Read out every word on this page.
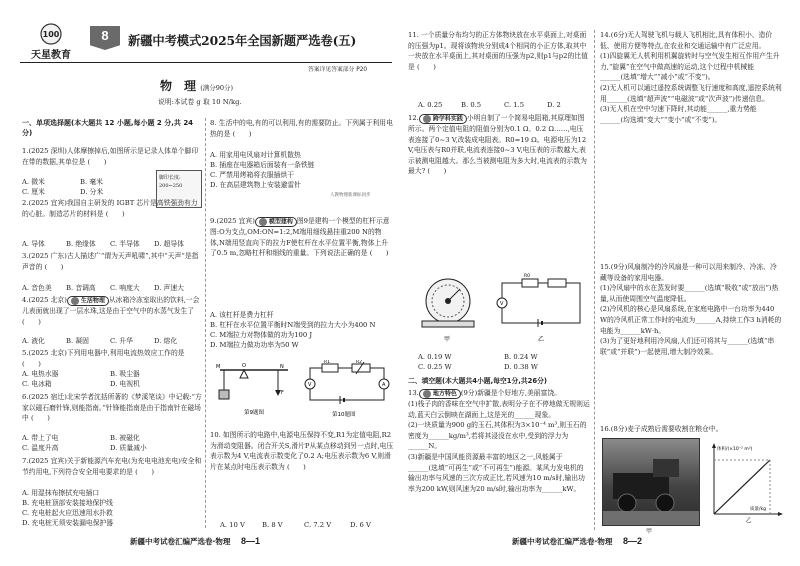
100
天星教育
8	新疆中考模式2025年全国新题严选卷(五)
答案详见答案部分 P20
物　理 (满分90分)
说明:本试卷 g 取 10 N/kg.
一、单项选择题(本大题共 12 小题,每小题 2 分,共 24 分)

1.(2025 深圳)人体摩擦掉后,如图所示是记录人体单个脚印在带的数据,其单位是 (　　)

脚印长度:
200~250
A. 微米	B. 毫米
C. 厘米	D. 分米

2.(2025 宜宾)我国自主研发的 IGBT 芯片是高铁强劲有力的心脏。制造芯片的材料是 (　　)

A. 导体	B. 绝缘体 C. 半导体 D. 超导体

3.(2025 广东)古人描述广“谓为天声吼啸”,其中“天声”是指声音的 (　　)

A. 音色美 B. 音调高 C. 响度大 D. 声速大

4.(2025 北京) 生活物理 从冰箱冷冻室取出的饮料,一会儿表面就出现了一层水珠,这是由于空气中的水蒸气发生了 (　　)

A. 液化	B. 凝固	C. 升华	D. 熔化

5.(2025 北京)下列用电器中,利用电流热效应工作的是 (　　)

A. 电热水器	B. 吸尘器
C. 电冰箱	D. 电视机

6.(2025 宿迁)北宋学者沈括所著的《梦溪笔谈》中记载:“方家以磁石磨针锋,则能指南。”针锋能指南是由于指南针在磁场中 (　　)

A. 带上了电	B. 被磁化
C. 温度升高	D. 质量减小

7.(2025 宜宾)关于新能源汽车充电(为充电电池充电)安全和节约用电,下列符合安全用电要求的是 (　　)

A. 用湿抹布擦拭充电插口
B. 充电桩顶部安装接地保护线
C. 充电桩起火应迅速用水扑救
D. 充电桩无须安装漏电保护器

8. 生活中的电,有的可以利用,有的需要防止。下列属于利用电热的是 (　　)

A. 用家用电风扇对计算机散热
B. 插座在电器箱后面装有一条铁链
C. 严禁用烤箱将衣服插烘干
D. 在高层建筑物上安装避雷针
人教物理新课标同步

9.(2025 宜宾) 模型建构 图9是建构一个模型的杠杆示意图:O为支点,OM:ON=1:2,M端用细线悬挂重200 N的物体,N端用竖直向下的拉力F使杠杆在水平位置平衡,物体上升了0.5 m,忽略杠杆和细线的重量。下列说法正确的是 (　　)

A. 该杠杆是费力杠杆
B. 杠杆在水平位置平衡时N端受到的拉力大小为400 N
C. M端拉力对物体做的功为100 J
D. M端拉力做功功率为50 W
M	O	N
F
第9题图
V	A
R1	R2
第10题图

10. 如图所示的电路中,电源电压保持不变,R1为定值电阻,R2为滑动变阻器。闭合开关S,滑片P从某点移动到另一点时,电压表示数为4 V,电流表示数变化了0.2 A;电压表示数为6 V,则滑片在某点时电压表示数为 (　　)

A. 10 V	B. 8 V	C. 7.2 V	D. 6 V
新疆中考试卷汇编严选卷·物理 8—1

11. 一个质量分布均匀的正方体物块放在水平桌面上,对桌面的压强为p1。现将该物块分别成4个相同的小正方体,取其中一块放在水平桌面上,其对桌面的压强为p2,则p1与p2的比值是 (　　)

A. 0.25	B. 0.5	C. 1.5	D. 2

12. 跨学科实践 小明自制了一个简易电阻箱,其原理如图所示。两个定值电阻的阻值分别为0.1 Ω、0.2 Ω……,电压表连接了0~3 V,改装成电阻表。R0=19 Ω。电源电压为12 V,电压表与R0并联,电流表连接0~3 V,电压表的示数越大,表示被测电阻越大。那么当被测电阻为多大时,电流表的示数为最大? (　　)

V
R0
甲	乙
A. 0.19 W	B. 0.24 W
C. 0.25 W	D. 0.38 W
二、填空题(本大题共4小题,每空1分,共26分)

13. 地方特色 (9分)新疆是个好地方,美丽富饶。

(1)栈子肉的香味在空气中扩散,表明分子在不停地做无规则运动,蓝天白云倒映在湖面上,这是光的______现象。

(2)一块质量为900 g的玉石,其体积为3×10⁻⁴ m³,则玉石的密度为______kg/m³,若将其浸没在水中,受到的浮力为______N。

(3)新疆是中国风能资源最丰富的地区之一,风能属于______(选填“可再生”或“不可再生”)能源。某风力发电机的输出功率与风速的三次方成正比,若风速为10 m/s时,输出功率为200 kW,则风速为20 m/s时,输出功率为______kW。

14.(6分)无人驾驶飞机与载人飞机相比,具有体积小、造价低、使用方便等特点,在农业和交通运输中有广泛应用。

(1)四旋翼无人机利用机翼旋转时与空气发生相互作用产生升力,“旋翼”在空气中做高速的运动,这个过程中机械能______(选填“增大”“减小”或“不变”)。

(2)无人机可以通过遥控系统调整飞行速度和高度,遥控系统利用______(选填“超声波”“电磁波”或“次声波”)传递信息。

(3)无人机在空中匀速下降时,其动能______,重力势能______(均选填“变大”“变小”或“不变”)。

15.(9分)风扇制冷的冷风扇是一种可以用来制冷、冷冻、冷藏等设备的家用电器。

(1)冷风扇中的水在蒸发时要______(选填“吸收”或“放出”)热量,从而使周围空气温度降低。

(2)冷风机的核心是风扇系统,在家庭电路中一台功率为440 W的冷风机正常工作时的电流为______A,持续工作3 h消耗的电能为______kW·h。

(3)为了更好地利用冷风扇,人们还可将其与______(选填“串联”或“并联”)一起使用,增大制冷效果。

16.(8分)麦子成熟后需要收割在粮仓中。

甲
体积/(×10⁻² m³)
质量/kg
乙
新疆中考试卷汇编严选卷·物理 8—2
